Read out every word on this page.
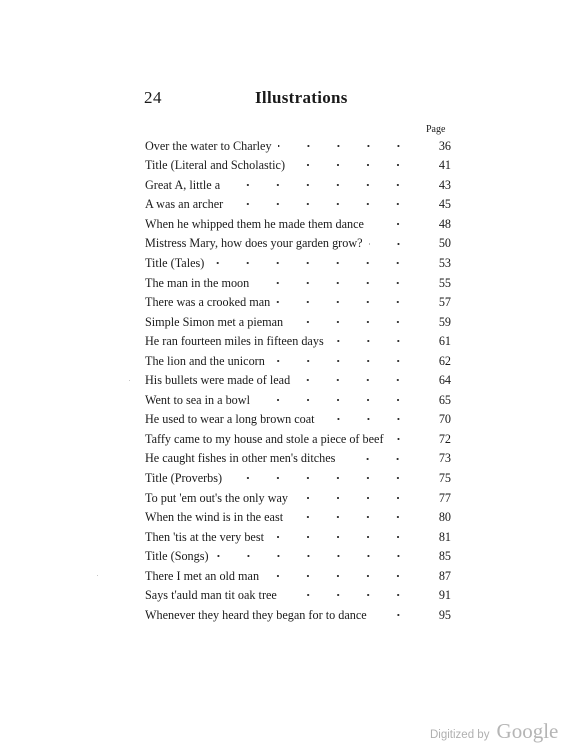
24	Illustrations
Page
Over the water to Charley	36
Title (Literal and Scholastic)	41
Great A, little a	43
A was an archer	45
When he whipped them he made them dance	48
Mistress Mary, how does your garden grow?	50
Title (Tales)	53
The man in the moon	55
There was a crooked man	57
Simple Simon met a pieman	59
He ran fourteen miles in fifteen days	61
The lion and the unicorn	62
His bullets were made of lead	64
Went to sea in a bowl	65
He used to wear a long brown coat	70
Taffy came to my house and stole a piece of beef	72
He caught fishes in other men's ditches	73
Title (Proverbs)	75
To put 'em out's the only way	77
When the wind is in the east	80
Then 'tis at the very best	81
Title (Songs)	85
There I met an old man	87
Says t'auld man tit oak tree	91
Whenever they heard they began for to dance	95
Digitized by Google
